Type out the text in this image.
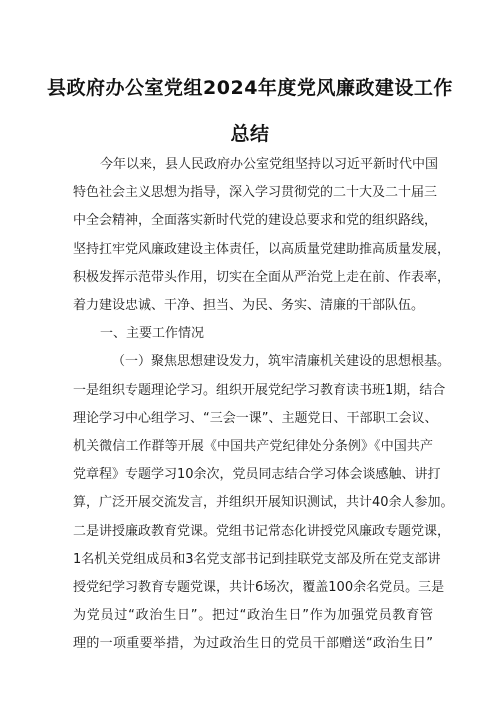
县政府办公室党组2024年度党风廉政建设工作
总结
今年以来，县人民政府办公室党组坚持以习近平新时代中国
特色社会主义思想为指导，深入学习贯彻党的二十大及二十届三
中全会精神，全面落实新时代党的建设总要求和党的组织路线，
坚持扛牢党风廉政建设主体责任，以高质量党建助推高质量发展，
积极发挥示范带头作用，切实在全面从严治党上走在前、作表率，
着力建设忠诚、干净、担当、为民、务实、清廉的干部队伍。
一、主要工作情况
（一）聚焦思想建设发力，筑牢清廉机关建设的思想根基。
一是组织专题理论学习。组织开展党纪学习教育读书班1期，结合
理论学习中心组学习、“三会一课”、主题党日、干部职工会议、
机关微信工作群等开展《中国共产党纪律处分条例》《中国共产
党章程》专题学习10余次，党员同志结合学习体会谈感触、讲打
算，广泛开展交流发言，并组织开展知识测试，共计40余人参加。
二是讲授廉政教育党课。党组书记常态化讲授党风廉政专题党课，
1名机关党组成员和3名党支部书记到挂联党支部及所在党支部讲
授党纪学习教育专题党课，共计6场次，覆盖100余名党员。三是
为党员过“政治生日”。把过“政治生日”作为加强党员教育管
理的一项重要举措，为过政治生日的党员干部赠送“政治生日”
